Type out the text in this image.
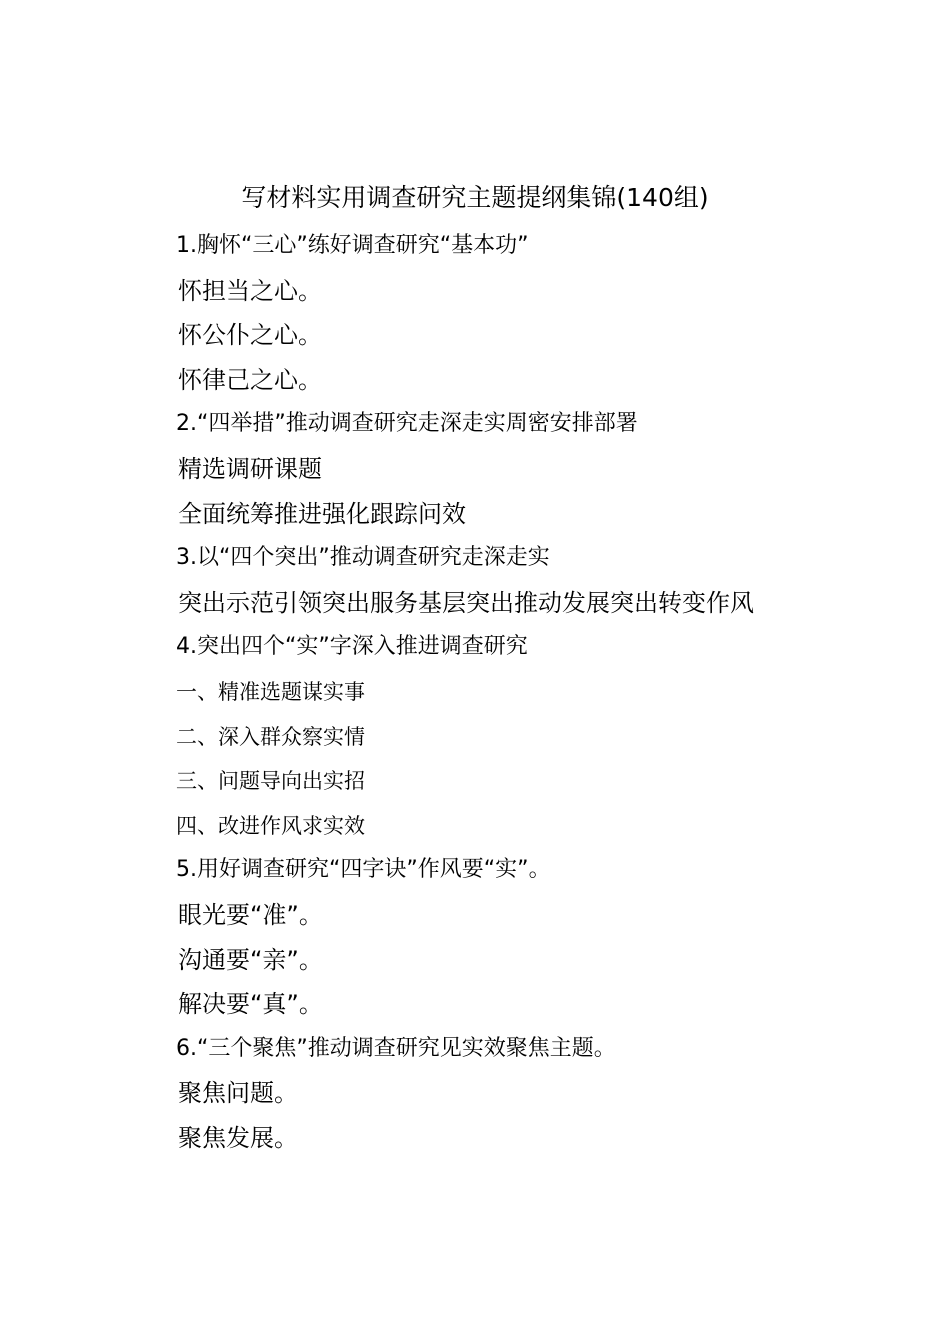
写材料实用调查研究主题提纲集锦(140组)
1.胸怀“三心”练好调查研究“基本功”
怀担当之心。
怀公仆之心。
怀律己之心。
2.“四举措”推动调查研究走深走实周密安排部署
精选调研课题
全面统筹推进强化跟踪问效
3.以“四个突出”推动调查研究走深走实
突出示范引领突出服务基层突出推动发展突出转变作风
4.突出四个“实”字深入推进调查研究
一、精准选题谋实事
二、深入群众察实情
三、问题导向出实招
四、改进作风求实效
5.用好调查研究“四字诀”作风要“实”。
眼光要“准”。
沟通要“亲”。
解决要“真”。
6.“三个聚焦”推动调查研究见实效聚焦主题。
聚焦问题。
聚焦发展。
